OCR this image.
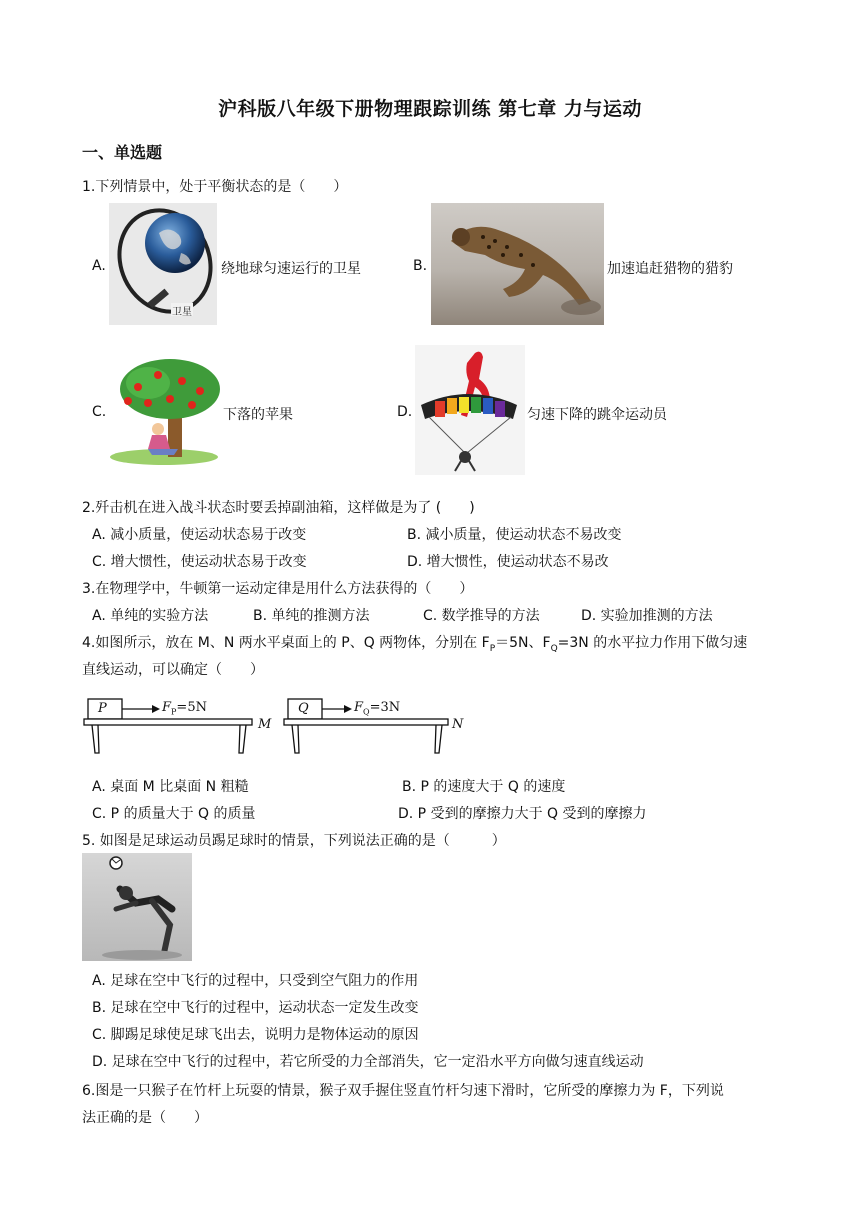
沪科版八年级下册物理跟踪训练 第七章 力与运动
一、单选题
1.下列情景中，处于平衡状态的是（　　）
A.
卫星
绕地球匀速运行的卫星	B.	加速追赶猎物的猎豹
C.	下落的苹果	D.	匀速下降的跳伞运动员
2.歼击机在进入战斗状态时要丢掉副油箱，这样做是为了 (　　)
A. 减小质量，使运动状态易于改变	B. 减小质量，使运动状态不易改变
C. 增大惯性，使运动状态易于改变	D. 增大惯性，使运动状态不易改
3.在物理学中，牛顿第一运动定律是用什么方法获得的（　　）
A. 单纯的实验方法	B. 单纯的推测方法	C. 数学推导的方法	D. 实验加推测的方法
4.如图所示，放在 M、N 两水平桌面上的 P、Q 两物体，分别在 $F_P=5N$、$F_Q=3N$ 的水平拉力作用下做匀速
直线运动，可以确定（　　）
P	$F_P=5N$
M
Q	$F_Q=3N$
N
A. 桌面 M 比桌面 N 粗糙	B. P 的速度大于 Q 的速度
C. P 的质量大于 Q 的质量	D. P 受到的摩擦力大于 Q 受到的摩擦力
5. 如图是足球运动员踢足球时的情景，下列说法正确的是（　　　）
A. 足球在空中飞行的过程中，只受到空气阻力的作用
B. 足球在空中飞行的过程中，运动状态一定发生改变
C. 脚踢足球使足球飞出去，说明力是物体运动的原因
D. 足球在空中飞行的过程中，若它所受的力全部消失，它一定沿水平方向做匀速直线运动
6.图是一只猴子在竹杆上玩耍的情景，猴子双手握住竖直竹杆匀速下滑时，它所受的摩擦力为 F，下列说
法正确的是（　　）
